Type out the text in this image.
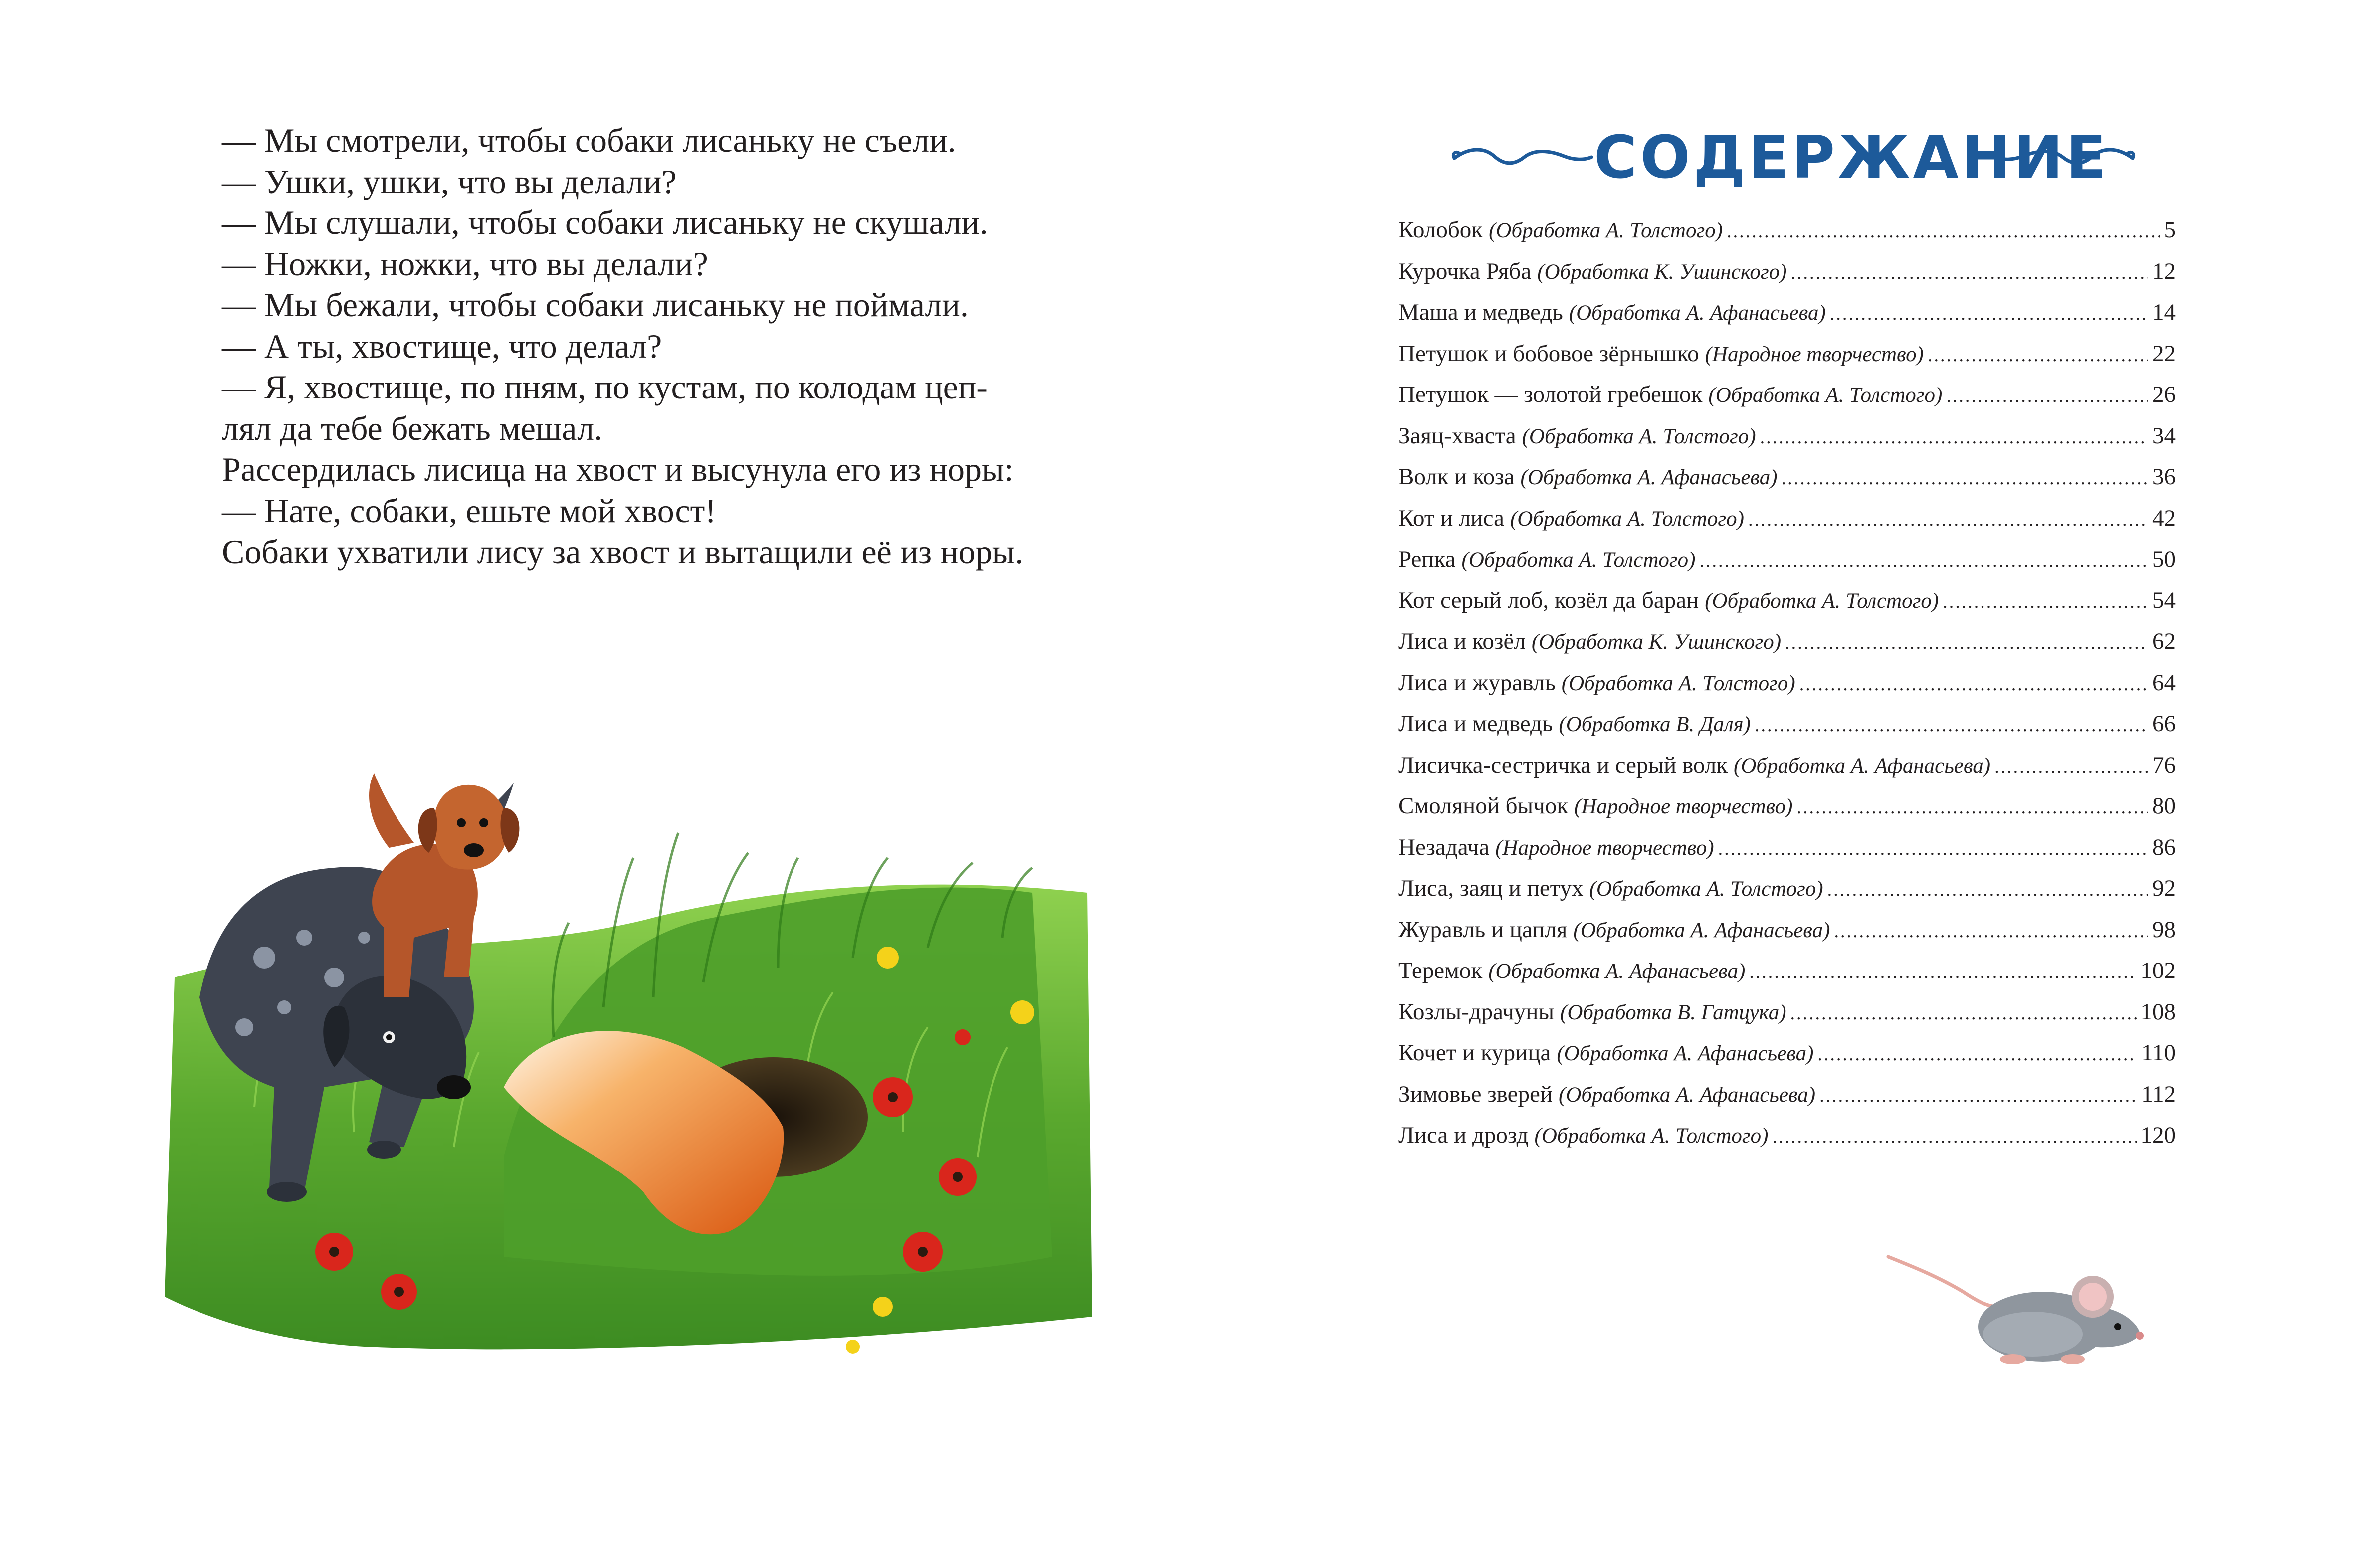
— Мы смотрели, чтобы собаки лисаньку не съели.
— Ушки, ушки, что вы делали?
— Мы слушали, чтобы собаки лисаньку не скушали.
— Ножки, ножки, что вы делали?
— Мы бежали, чтобы собаки лисаньку не поймали.
— А ты, хвостище, что делал?
— Я, хвостище, по пням, по кустам, по колодам цеп-
лял да тебе бежать мешал.
Рассердилась лисица на хвост и высунула его из норы:
— Нате, собаки, ешьте мой хвост!
Собаки ухватили лису за хвост и вытащили её из норы.
СОДЕРЖАНИЕ
Колобок (Обработка А. Толстого) .....	5
Курочка Ряба (Обработка К. Ушинского) .....	12
Маша и медведь (Обработка А. Афанасьева) .....	14
Петушок и бобовое зёрнышко (Народное творчество) .....	22
Петушок — золотой гребешок (Обработка А. Толстого) .....	26
Заяц-хваста (Обработка А. Толстого) .....	34
Волк и коза (Обработка А. Афанасьева) .....	36
Кот и лиса (Обработка А. Толстого) .....	42
Репка (Обработка А. Толстого) .....	50
Кот серый лоб, козёл да баран (Обработка А. Толстого) .....	54
Лиса и козёл (Обработка К. Ушинского) .....	62
Лиса и журавль (Обработка А. Толстого) .....	64
Лиса и медведь (Обработка В. Даля) .....	66
Лисичка-сестричка и серый волк (Обработка А. Афанасьева) .....	76
Смоляной бычок (Народное творчество) .....	80
Незадача (Народное творчество) .....	86
Лиса, заяц и петух (Обработка А. Толстого) .....	92
Журавль и цапля (Обработка А. Афанасьева) .....	98
Теремок (Обработка А. Афанасьева) .....	102
Козлы-драчуны (Обработка В. Гатцука) .....	108
Кочет и курица (Обработка А. Афанасьева) .....	110
Зимовье зверей (Обработка А. Афанасьева) .....	112
Лиса и дрозд (Обработка А. Толстого) .....	120
